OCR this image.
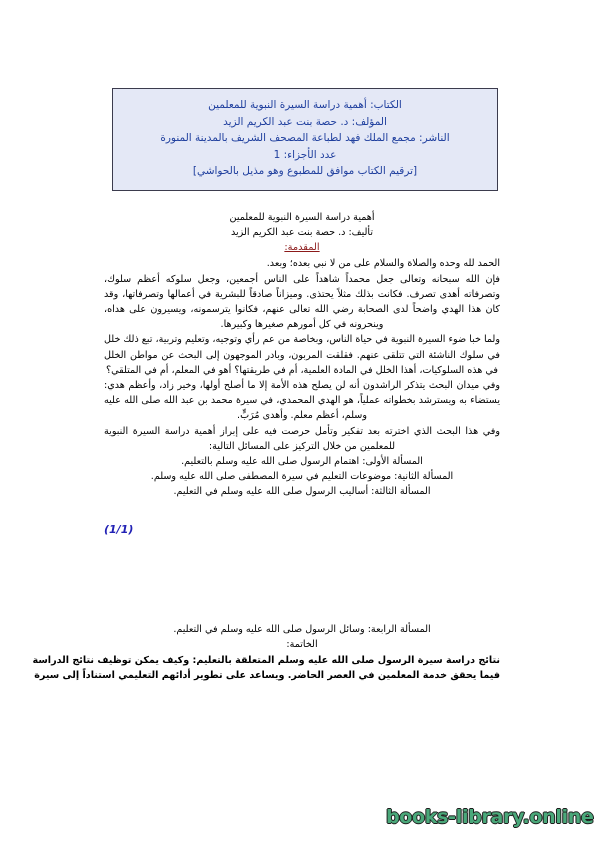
الكتاب: أهمية دراسة السيرة النبوية للمعلمين
المؤلف: د. حصة بنت عبد الكريم الزيد
الناشر: مجمع الملك فهد لطباعة المصحف الشريف بالمدينة المنورة
عدد الأجزاء: 1
[ترقيم الكتاب موافق للمطبوع وهو مذيل بالحواشي]
أهمية دراسة السيرة النبوية للمعلمين
تأليف: د. حصة بنت عبد الكريم الزيد
المقدمة:
الحمد لله وحده والصلاة والسلام على من لا نبي بعده؛ وبعد.
فإن الله سبحانه وتعالى جعل محمداً شاهداً على الناس أجمعين، وجعل سلوكه أعظم سلوك، وتصرفاته أهدى تصرف. فكانت بذلك مثلاً يحتذى. وميزاناً صادقاً للبشرية في أعمالها وتصرفاتها، وقد كان هذا الهدي واضحاً لدى الصحابة رضي الله تعالى عنهم، فكانوا يترسمونه، ويسيرون على هداه، وينحرونه في كل أمورهم صغيرها وكبيرها.
ولما خبا ضوء السيرة النبوية في حياة الناس، وبخاصة من عم رأي وتوجيه، وتعليم وتربية، تبع ذلك خلل في سلوك الناشئة التي تتلقى عنهم. فقلقت المربون، وبادر الموجهون إلى البحث عن مواطن الخلل في هذه السلوكيات، أهذا الخلل في المادة العلمية، أم في طريقتها؟ أهو في المعلم، أم في المتلقي؟
وفي ميدان البحث يتذكر الراشدون أنه لن يصلح هذه الأمة إلا ما أصلح أولها، وخير زاد، وأعظم هدي: يستضاء به ويسترشد بخطواته عملياً، هو الهدي المحمدي، في سيرة محمد بن عبد الله صلى الله عليه وسلم، أعظم معلم. وأهدى مُرَبٍّ.
وفي هذا البحث الذي اخترته بعد تفكير وتأمل حرصت فيه على إبراز أهمية دراسة السيرة النبوية للمعلمين من خلال التركيز على المسائل التالية:
المسألة الأولى: اهتمام الرسول صلى الله عليه وسلم بالتعليم.
المسألة الثانية: موضوعات التعليم في سيرة المصطفى صلى الله عليه وسلم.
المسألة الثالثة: أساليب الرسول صلى الله عليه وسلم في التعليم.
(1/1)
المسألة الرابعة: وسائل الرسول صلى الله عليه وسلم في التعليم.
الخاتمة:
نتائج دراسة سيرة الرسول صلى الله عليه وسلم المتعلقة بالتعليم: وكيف يمكن توظيف نتائج الدراسة
فيما يحقق خدمة المعلمين في العصر الحاضر. ويساعد على تطوير أدائهم التعليمي استناداً إلى سيرة
books-library.online
